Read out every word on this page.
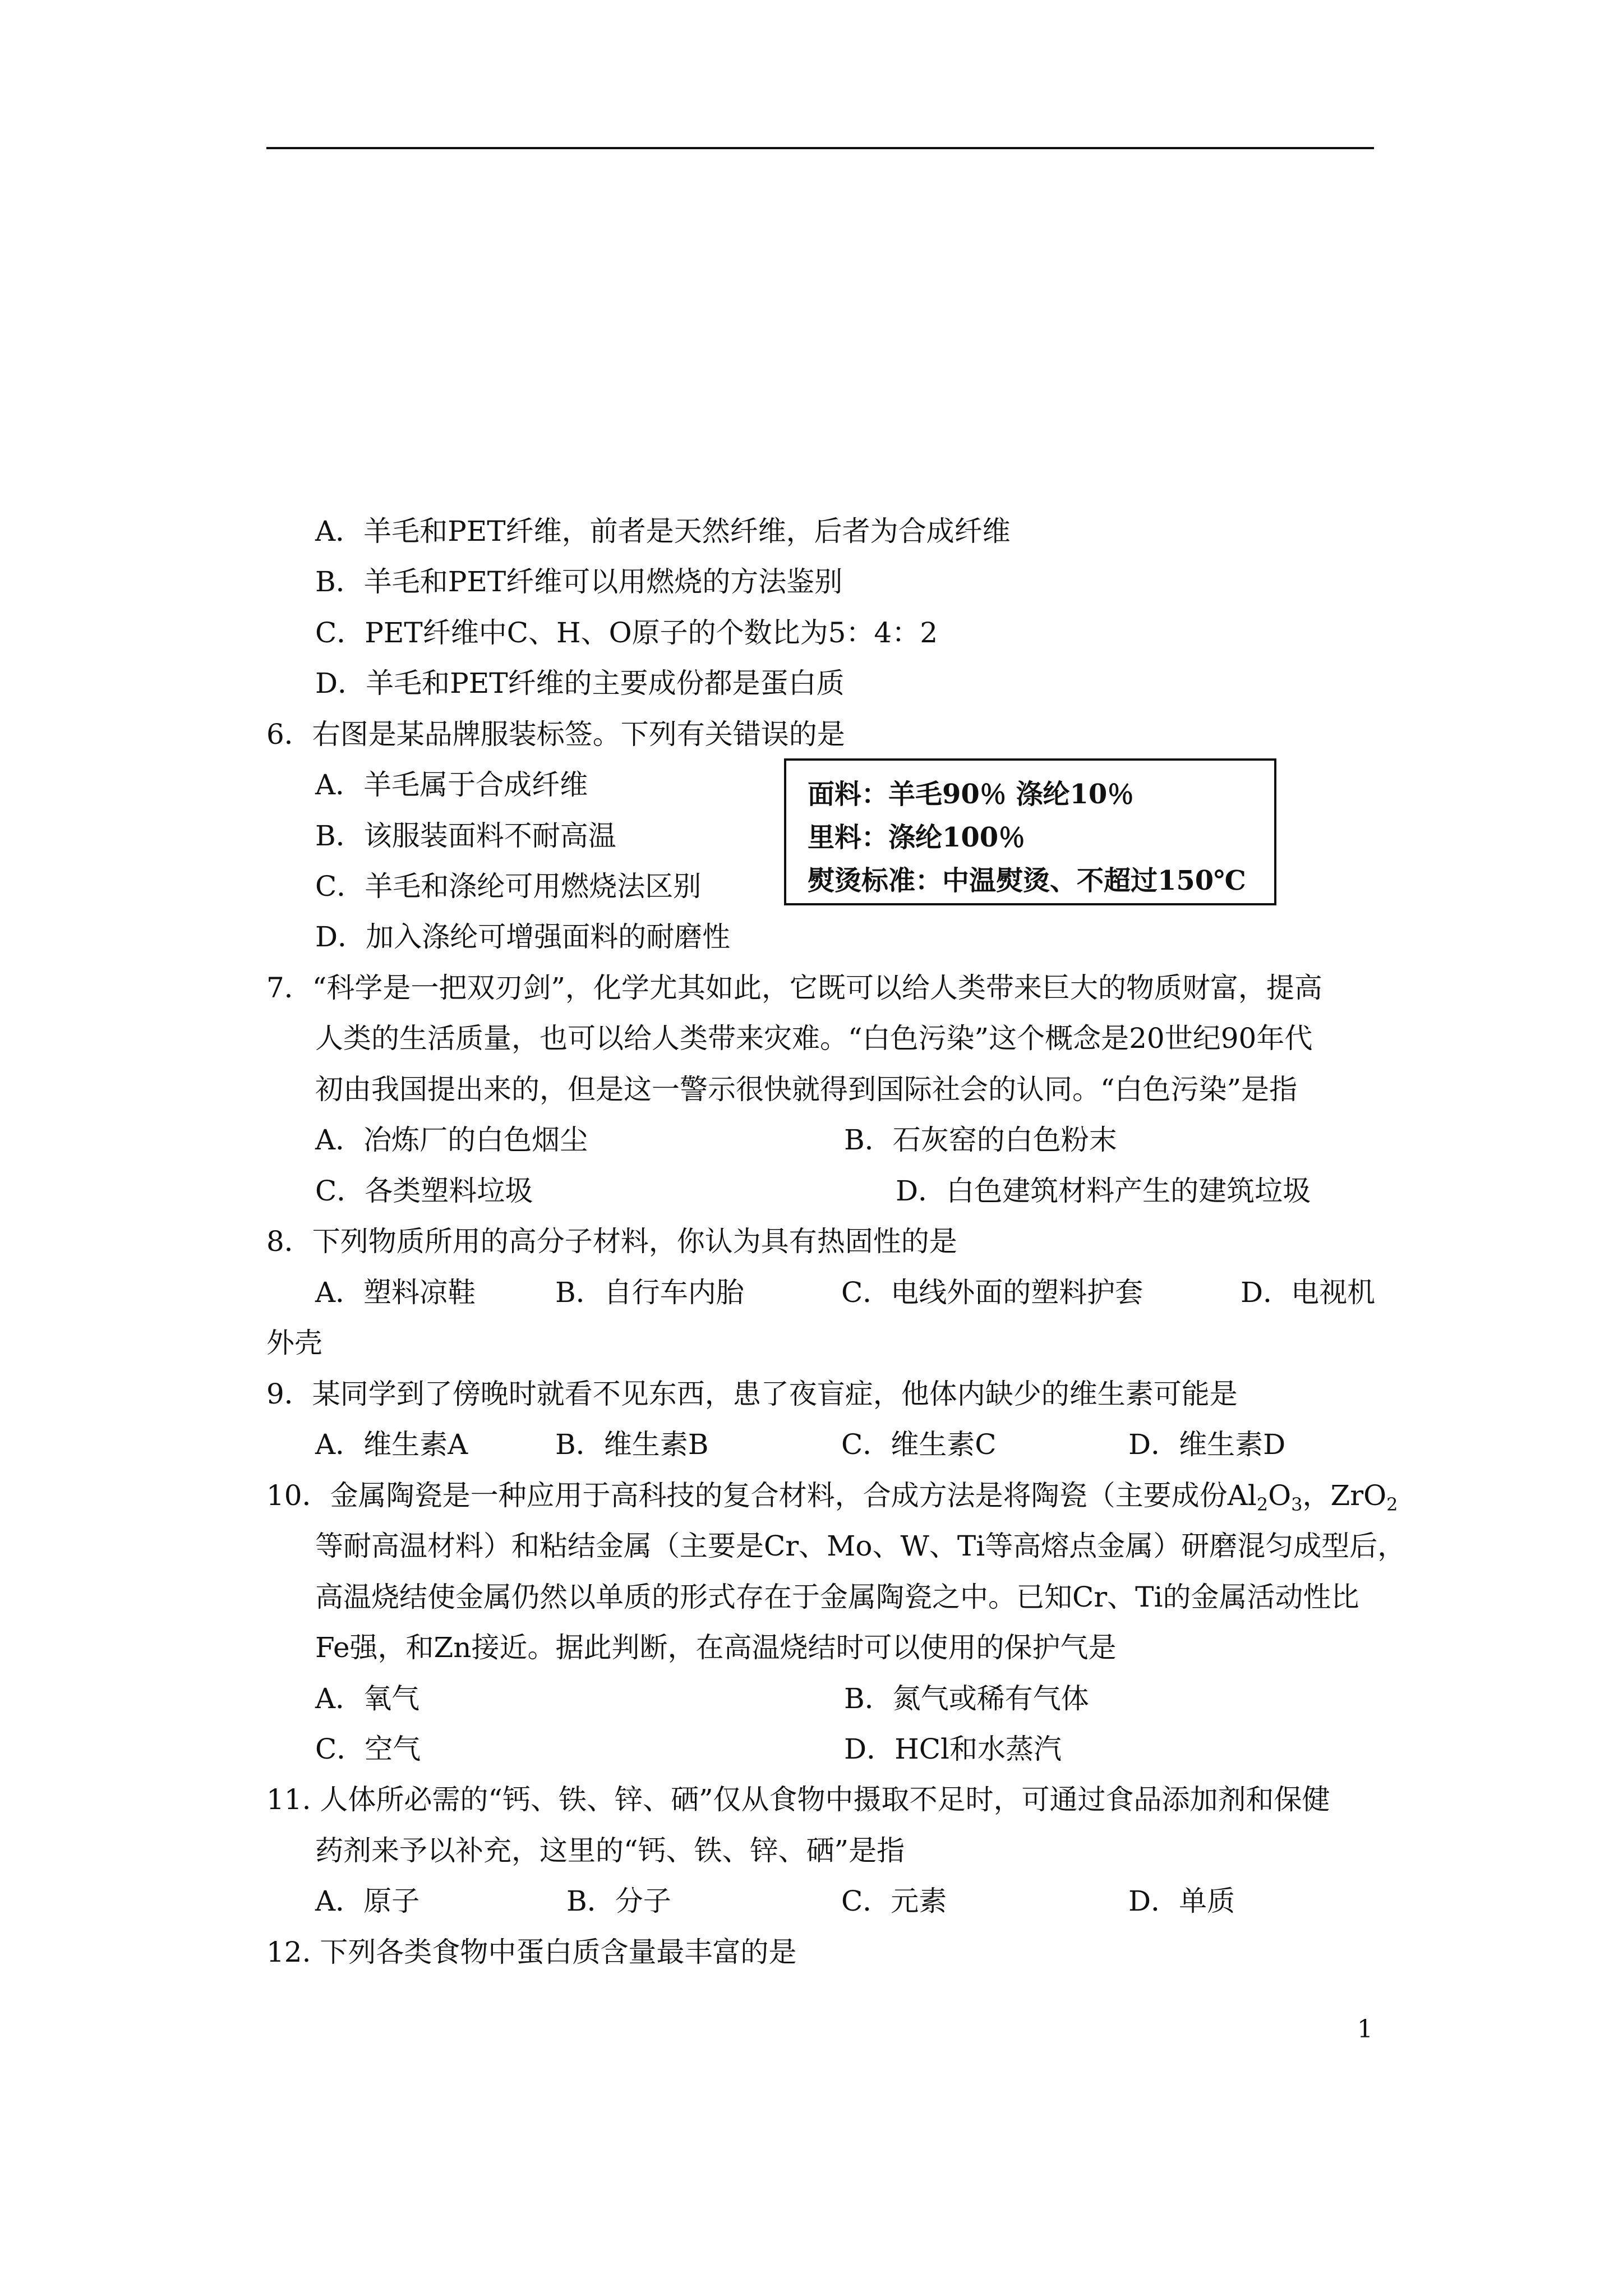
A．羊毛和PET纤维，前者是天然纤维，后者为合成纤维
B．羊毛和PET纤维可以用燃烧的方法鉴别
C．PET纤维中C、H、O原子的个数比为5：4：2
D．羊毛和PET纤维的主要成份都是蛋白质
6．右图是某品牌服装标签。下列有关错误的是
A．羊毛属于合成纤维
B．该服装面料不耐高温
C．羊毛和涤纶可用燃烧法区别
D．加入涤纶可增强面料的耐磨性
面料：羊毛90％ 涤纶10％
里料：涤纶100％
熨烫标准：中温熨烫、不超过150℃
7．“科学是一把双刃剑”，化学尤其如此，它既可以给人类带来巨大的物质财富，提高
人类的生活质量，也可以给人类带来灾难。“白色污染”这个概念是20世纪90年代
初由我国提出来的，但是这一警示很快就得到国际社会的认同。“白色污染”是指
A．冶炼厂的白色烟尘	B．石灰窑的白色粉末
C．各类塑料垃圾	D．白色建筑材料产生的建筑垃圾
8．下列物质所用的高分子材料，你认为具有热固性的是
A．塑料凉鞋	B．自行车内胎	C．电线外面的塑料护套	D．电视机
外壳
9．某同学到了傍晚时就看不见东西，患了夜盲症，他体内缺少的维生素可能是
A．维生素A	B．维生素B	C．维生素C	D．维生素D
10．金属陶瓷是一种应用于高科技的复合材料，合成方法是将陶瓷（主要成份$Al_2O_3$，ZrO$_2$
等耐高温材料）和粘结金属（主要是Cr、Mo、W、Ti等高熔点金属）研磨混匀成型后，
高温烧结使金属仍然以单质的形式存在于金属陶瓷之中。已知Cr、Ti的金属活动性比
Fe强，和Zn接近。据此判断，在高温烧结时可以使用的保护气是
A．氧气	B．氮气或稀有气体
C．空气	D．HCl和水蒸汽
11. 人体所必需的“钙、铁、锌、硒”仅从食物中摄取不足时，可通过食品添加剂和保健
药剂来予以补充，这里的“钙、铁、锌、硒”是指
A．原子	B．分子	C．元素	D．单质
12. 下列各类食物中蛋白质含量最丰富的是
1
